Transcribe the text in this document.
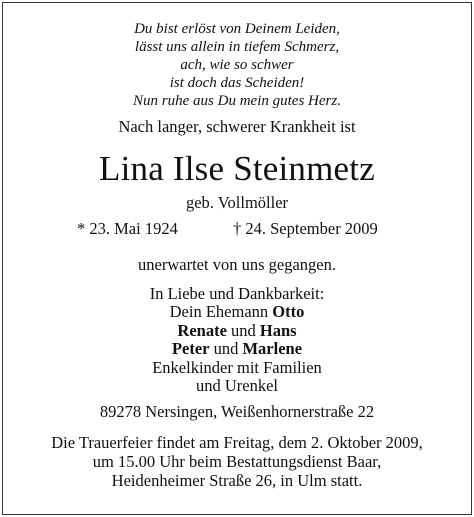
Du bist erlöst von Deinem Leiden,
lässt uns allein in tiefem Schmerz,
ach, wie so schwer
ist doch das Scheiden!
Nun ruhe aus Du mein gutes Herz.
Nach langer, schwerer Krankheit ist
Lina Ilse Steinmetz
geb. Vollmöller
* 23. Mai 1924	† 24. September 2009
unerwartet von uns gegangen.
In Liebe und Dankbarkeit:
Dein Ehemann Otto
Renate und Hans
Peter und Marlene
Enkelkinder mit Familien
und Urenkel
89278 Nersingen, Weißenhornerstraße 22
Die Trauerfeier findet am Freitag, dem 2. Oktober 2009,
um 15.00 Uhr beim Bestattungsdienst Baar,
Heidenheimer Straße 26, in Ulm statt.
